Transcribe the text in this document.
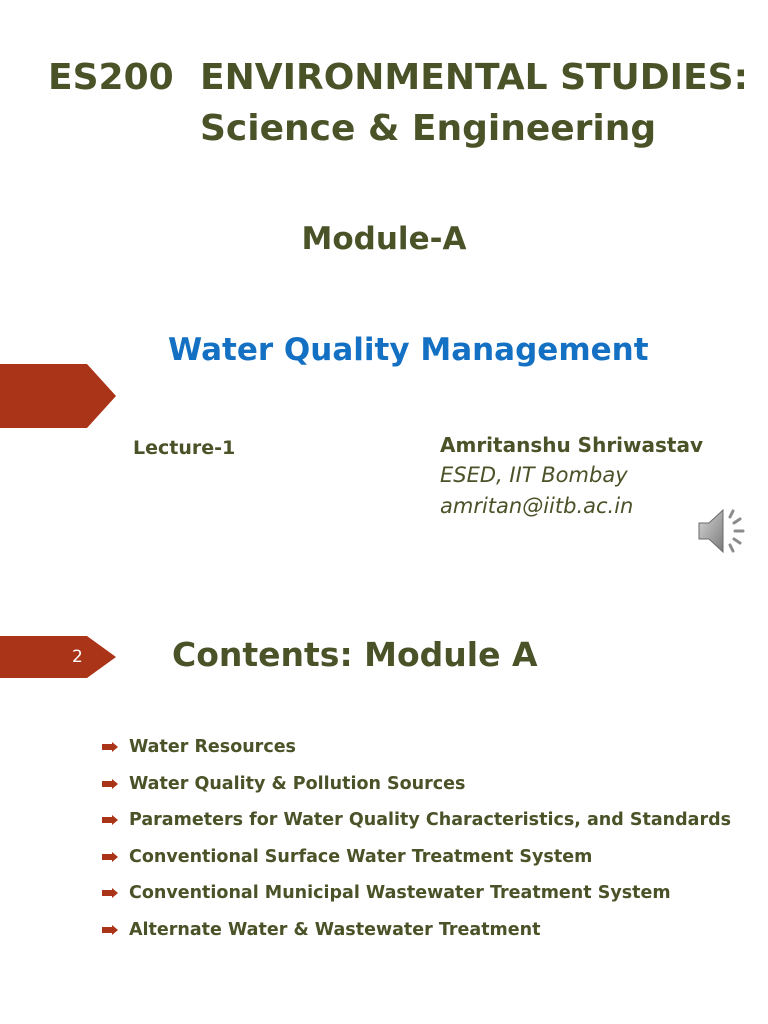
ES200 ENVIRONMENTAL STUDIES:
Science & Engineering
Module-A
Water Quality Management
Lecture-1	Amritanshu Shriwastav
ESED, IIT Bombay
amritan@iitb.ac.in
2	Contents: Module A
Water Resources
Water Quality & Pollution Sources
Parameters for Water Quality Characteristics, and Standards
Conventional Surface Water Treatment System
Conventional Municipal Wastewater Treatment System
Alternate Water & Wastewater Treatment
